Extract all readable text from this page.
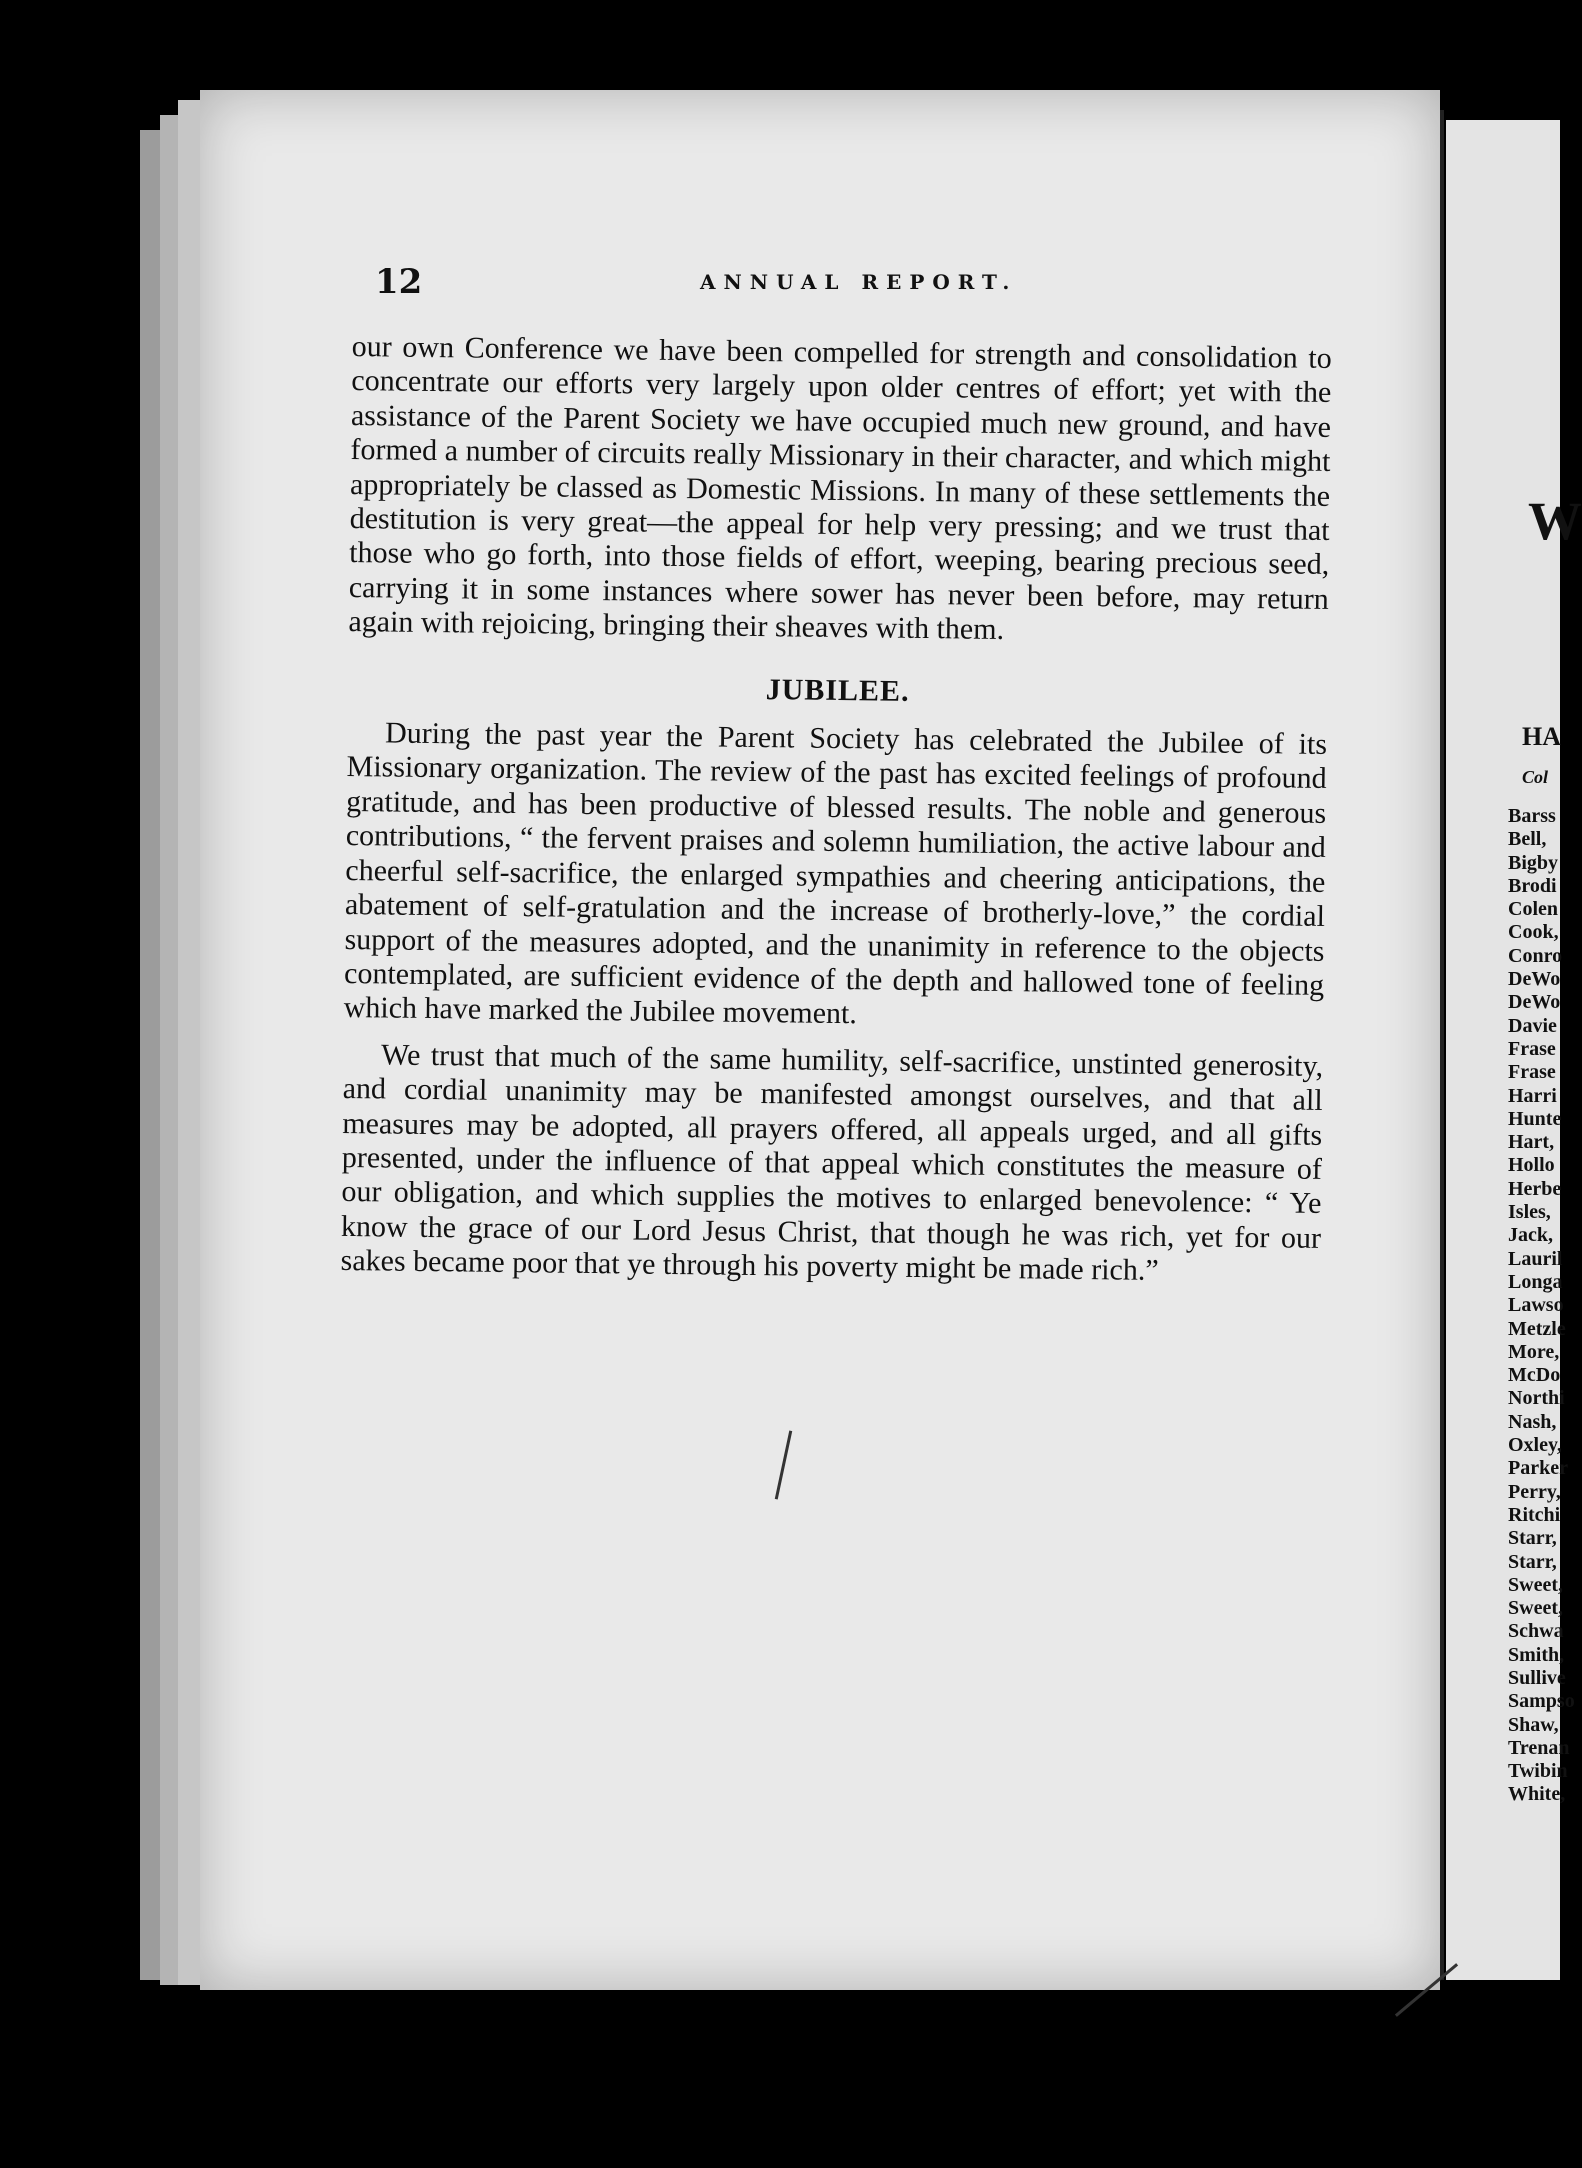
12	ANNUAL REPORT.

our own Conference we have been compelled for strength and consolidation to concentrate our efforts very largely upon older centres of effort; yet with the assistance of the Parent Society we have occupied much new ground, and have formed a number of circuits really Missionary in their character, and which might appropriately be classed as Domestic Missions. In many of these settlements the destitution is very great—the appeal for help very pressing; and we trust that those who go forth, into those fields of effort, weeping, bearing precious seed, carrying it in some instances where sower has never been before, may return again with rejoicing, bringing their sheaves with them.

JUBILEE.

During the past year the Parent Society has celebrated the Jubilee of its Missionary organization. The review of the past has excited feelings of profound gratitude, and has been productive of blessed results. The noble and generous contributions, “ the fervent praises and solemn humiliation, the active labour and cheerful self-sacrifice, the enlarged sympathies and cheering anticipations, the abatement of self-gratulation and the increase of brotherly-love,” the cordial support of the measures adopted, and the unanimity in reference to the objects contemplated, are sufficient evidence of the depth and hallowed tone of feeling which have marked the Jubilee movement.

We trust that much of the same humility, self-sacrifice, unstinted generosity, and cordial unanimity may be manifested amongst ourselves, and that all measures may be adopted, all prayers offered, all appeals urged, and all gifts presented, under the influence of that appeal which constitutes the measure of our obligation, and which supplies the motives to enlarged benevolence: “ Ye know the grace of our Lord Jesus Christ, that though he was rich, yet for our sakes became poor that ye through his poverty might be made rich.”

W
HA
Col
Barss
Bell,
Bigby
Brodi
Colen
Cook,
Conro
DeWo
DeWo
Davie
Frase
Frase
Harri
Hunte
Hart,
Hollo
Herbe
Isles,
Jack,
Lauril
Longa
Lawso
Metzle
More,
McDo
Northi
Nash,
Oxley,
Parker
Perry,
Ritchi
Starr,
Starr,
Sweet,
Sweet,
Schwa
Smith,
Sullive
Sampso
Shaw,
Trenan
Twibin
White,
